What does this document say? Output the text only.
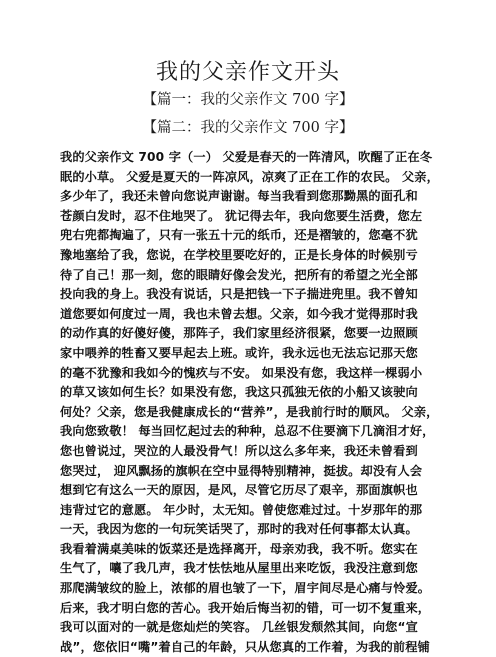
我的父亲作文开头
【篇一：我的父亲作文 700 字】
【篇二：我的父亲作文 700 字】
我的父亲作文 700 字（一） 父爱是春天的一阵清风，吹醒了正在冬
眠的小草。 父爱是夏天的一阵凉风，凉爽了正在工作的农民。 父亲，
多少年了，我还未曾向您说声谢谢。每当我看到您那黝黑的面孔和
苍颜白发时，忍不住地哭了。 犹记得去年，我向您要生活费，您左
兜右兜都掏遍了，只有一张五十元的纸币，还是褶皱的，您毫不犹
豫地塞给了我，您说，在学校里要吃好的，正是长身体的时候别亏
待了自己！那一刻，您的眼睛好像会发光，把所有的希望之光全部
投向我的身上。我没有说话，只是把钱一下子揣进兜里。我不曾知
道您要如何度过一周，我也未曾去想。父亲，如今我才觉得那时我
的动作真的好傻好傻，那阵子，我们家里经济很紧，您要一边照顾
家中喂养的牲畜又要早起去上班。或许，我永远也无法忘记那天您
的毫不犹豫和我如今的愧疚与不安。 如果没有您，我这样一棵弱小
的草又该如何生长？如果没有您，我这只孤独无依的小船又该驶向
何处？父亲，您是我健康成长的“营养”，是我前行时的顺风。 父亲，
我向您致敬！ 每当回忆起过去的种种，总忍不住要滴下几滴泪才好，
您也曾说过，哭泣的人最没骨气！所以这么多年来，我还未曾看到
您哭过， 迎风飘扬的旗帜在空中显得特别精神，挺拔。却没有人会
想到它有这么一天的原因，是风，尽管它历尽了艰辛，那面旗帜也
违背过它的意愿。 年少时，太无知。曾使您难过过。十岁那年的那
一天，我因为您的一句玩笑话哭了，那时的我对任何事都太认真。
我看着满桌美味的饭菜还是选择离开，母亲劝我，我不听。您实在
生气了，嚷了我几声，我才怯怯地从屋里出来吃饭，我没注意到您
那爬满皱纹的脸上，浓郁的眉也皱了一下，眉宇间尽是心痛与怜爱。
后来，我才明白您的苦心。我开始后悔当初的错，可一切不复重来，
我可以面对的一就是您灿烂的笑容。 几丝银发颓然其间，向您“宣
战”，您依旧“嘴”着自己的年龄，只从您真的工作着，为我的前程铺
